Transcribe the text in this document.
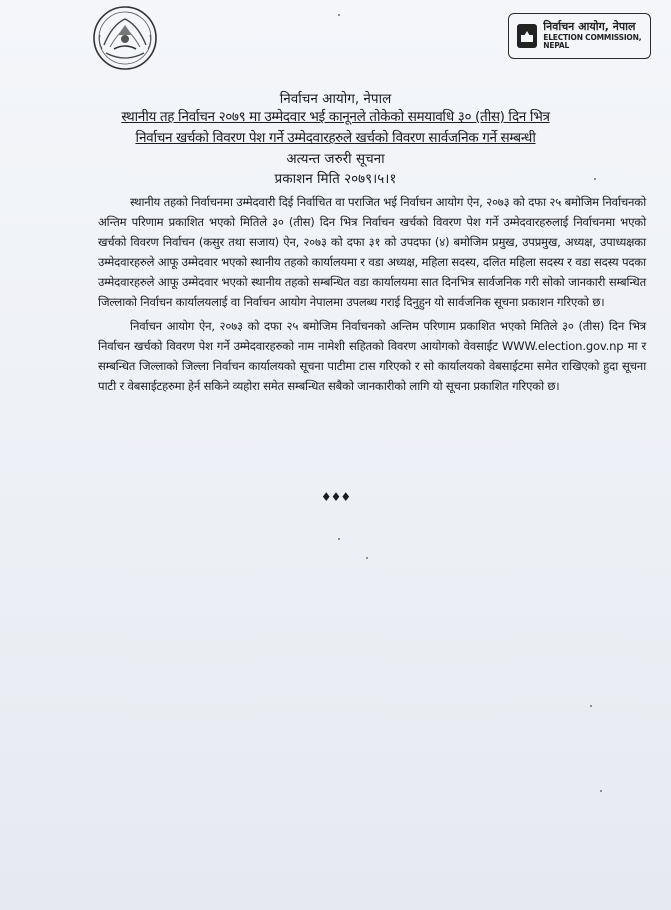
निर्वाचन आयोग, नेपाल
ELECTION COMMISSION, NEPAL
निर्वाचन आयोग, नेपाल
स्थानीय तह निर्वाचन २०७९ मा उम्मेदवार भई कानूनले तोकेको समयावधि ३० (तीस) दिन भित्र
निर्वाचन खर्चको विवरण पेश गर्ने उम्मेदवारहरुले खर्चको विवरण सार्वजनिक गर्ने सम्बन्धी
अत्यन्त जरुरी सूचना
प्रकाशन मिति २०७९।५।१

स्थानीय तहको निर्वाचनमा उम्मेदवारी दिई निर्वाचित वा पराजित भई निर्वाचन आयोग ऐन, २०७३ को दफा २५ बमोजिम निर्वाचनको अन्तिम परिणाम प्रकाशित भएको मितिले ३० (तीस) दिन भित्र निर्वाचन खर्चको विवरण पेश गर्ने उम्मेदवारहरुलाई निर्वाचनमा भएको खर्चको विवरण निर्वाचन (कसुर तथा सजाय) ऐन, २०७३ को दफा ३१ को उपदफा (४) बमोजिम प्रमुख, उपप्रमुख, अध्यक्ष, उपाध्यक्षका उम्मेदवारहरुले आफू उम्मेदवार भएको स्थानीय तहको कार्यालयमा र वडा अध्यक्ष, महिला सदस्य, दलित महिला सदस्य र वडा सदस्य पदका उम्मेदवारहरुले आफू उम्मेदवार भएको स्थानीय तहको सम्बन्धित वडा कार्यालयमा सात दिनभित्र सार्वजनिक गरी सोको जानकारी सम्बन्धित जिल्लाको निर्वाचन कार्यालयलाई वा निर्वाचन आयोग नेपालमा उपलब्ध गराई दिनुहुन यो सार्वजनिक सूचना प्रकाशन गरिएको छ।

निर्वाचन आयोग ऐन, २०७३ को दफा २५ बमोजिम निर्वाचनको अन्तिम परिणाम प्रकाशित भएको मितिले ३० (तीस) दिन भित्र निर्वाचन खर्चको विवरण पेश गर्ने उम्मेदवारहरुको नाम नामेशी सहितको विवरण आयोगको वेवसाईट WWW.election.gov.np मा र सम्बन्धित जिल्लाको जिल्ला निर्वाचन कार्यालयको सूचना पाटीमा टास गरिएको र सो कार्यालयको वेबसाईटमा समेत राखिएको हुदा सूचना पाटी र वेबसाईटहरुमा हेर्न सकिने व्यहोरा समेत सम्बन्धित सबैको जानकारीको लागि यो सूचना प्रकाशित गरिएको छ।

♦♦♦
